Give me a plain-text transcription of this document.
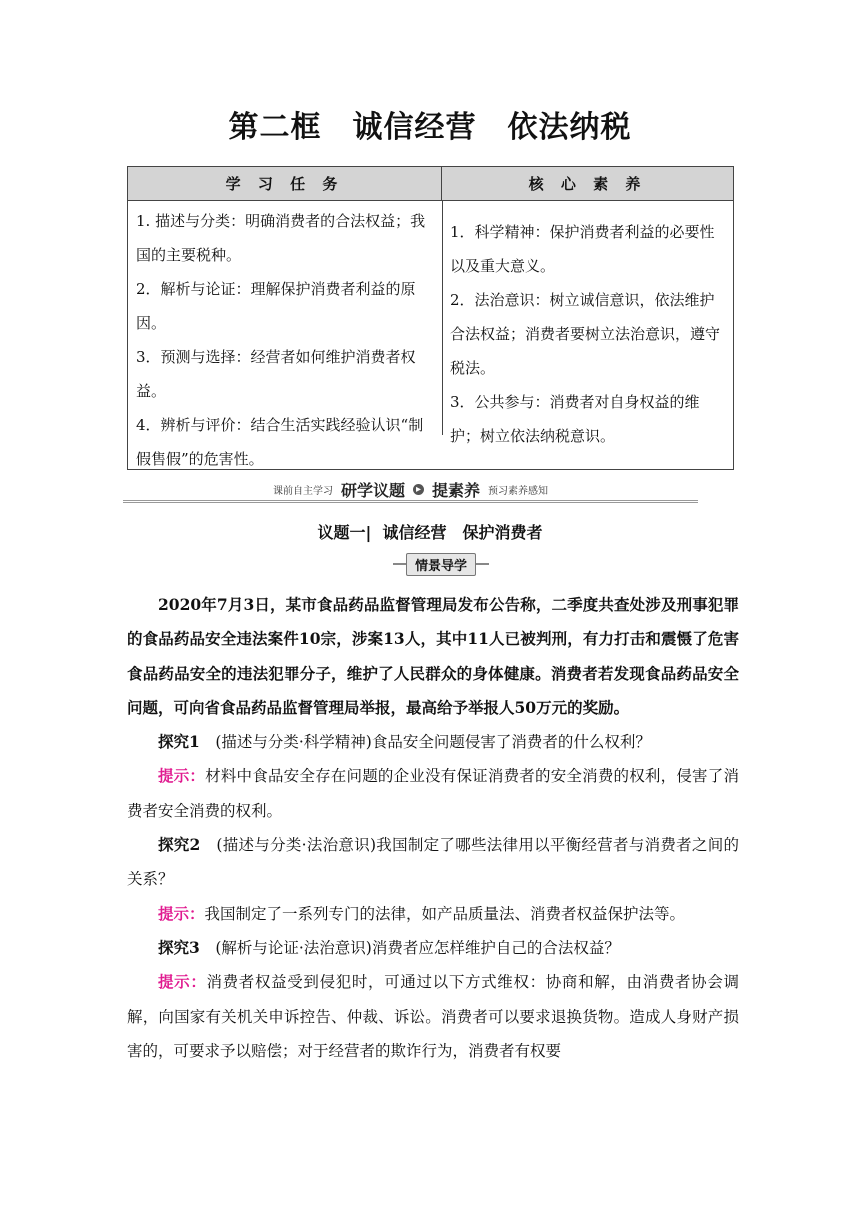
第二框　诚信经营　依法纳税
学 习 任 务	核 心 素 养

1. 描述与分类：明确消费者的合法权益；我国的主要税种。

2．解析与论证：理解保护消费者利益的原因。

3．预测与选择：经营者如何维护消费者权益。

4．辨析与评价：结合生活实践经验认识“制假售假”的危害性。

1．科学精神：保护消费者利益的必要性以及重大意义。

2．法治意识：树立诚信意识，依法维护合法权益；消费者要树立法治意识，遵守税法。

3．公共参与：消费者对自身权益的维护；树立依法纳税意识。

课前自主学习 研学议题 ▸ 提素养 预习素养感知
议题一|  诚信经营　保护消费者
情景导学

2020年7月3日，某市食品药品监督管理局发布公告称，二季度共查处涉及刑事犯罪的食品药品安全违法案件10宗，涉案13人，其中11人已被判刑，有力打击和震慑了危害食品药品安全的违法犯罪分子，维护了人民群众的身体健康。消费者若发现食品药品安全问题，可向省食品药品监督管理局举报，最高给予举报人50万元的奖励。

探究1　 (描述与分类·科学精神)食品安全问题侵害了消费者的什么权利？

提示：材料中食品安全存在问题的企业没有保证消费者的安全消费的权利，侵害了消费者安全消费的权利。

探究2　 (描述与分类·法治意识)我国制定了哪些法律用以平衡经营者与消费者之间的关系？

提示：我国制定了一系列专门的法律，如产品质量法、消费者权益保护法等。

探究3　 (解析与论证·法治意识)消费者应怎样维护自己的合法权益？

提示：消费者权益受到侵犯时，可通过以下方式维权：协商和解，由消费者协会调解，向国家有关机关申诉控告、仲裁、诉讼。消费者可以要求退换货物。造成人身财产损害的，可要求予以赔偿；对于经营者的欺诈行为，消费者有权要
